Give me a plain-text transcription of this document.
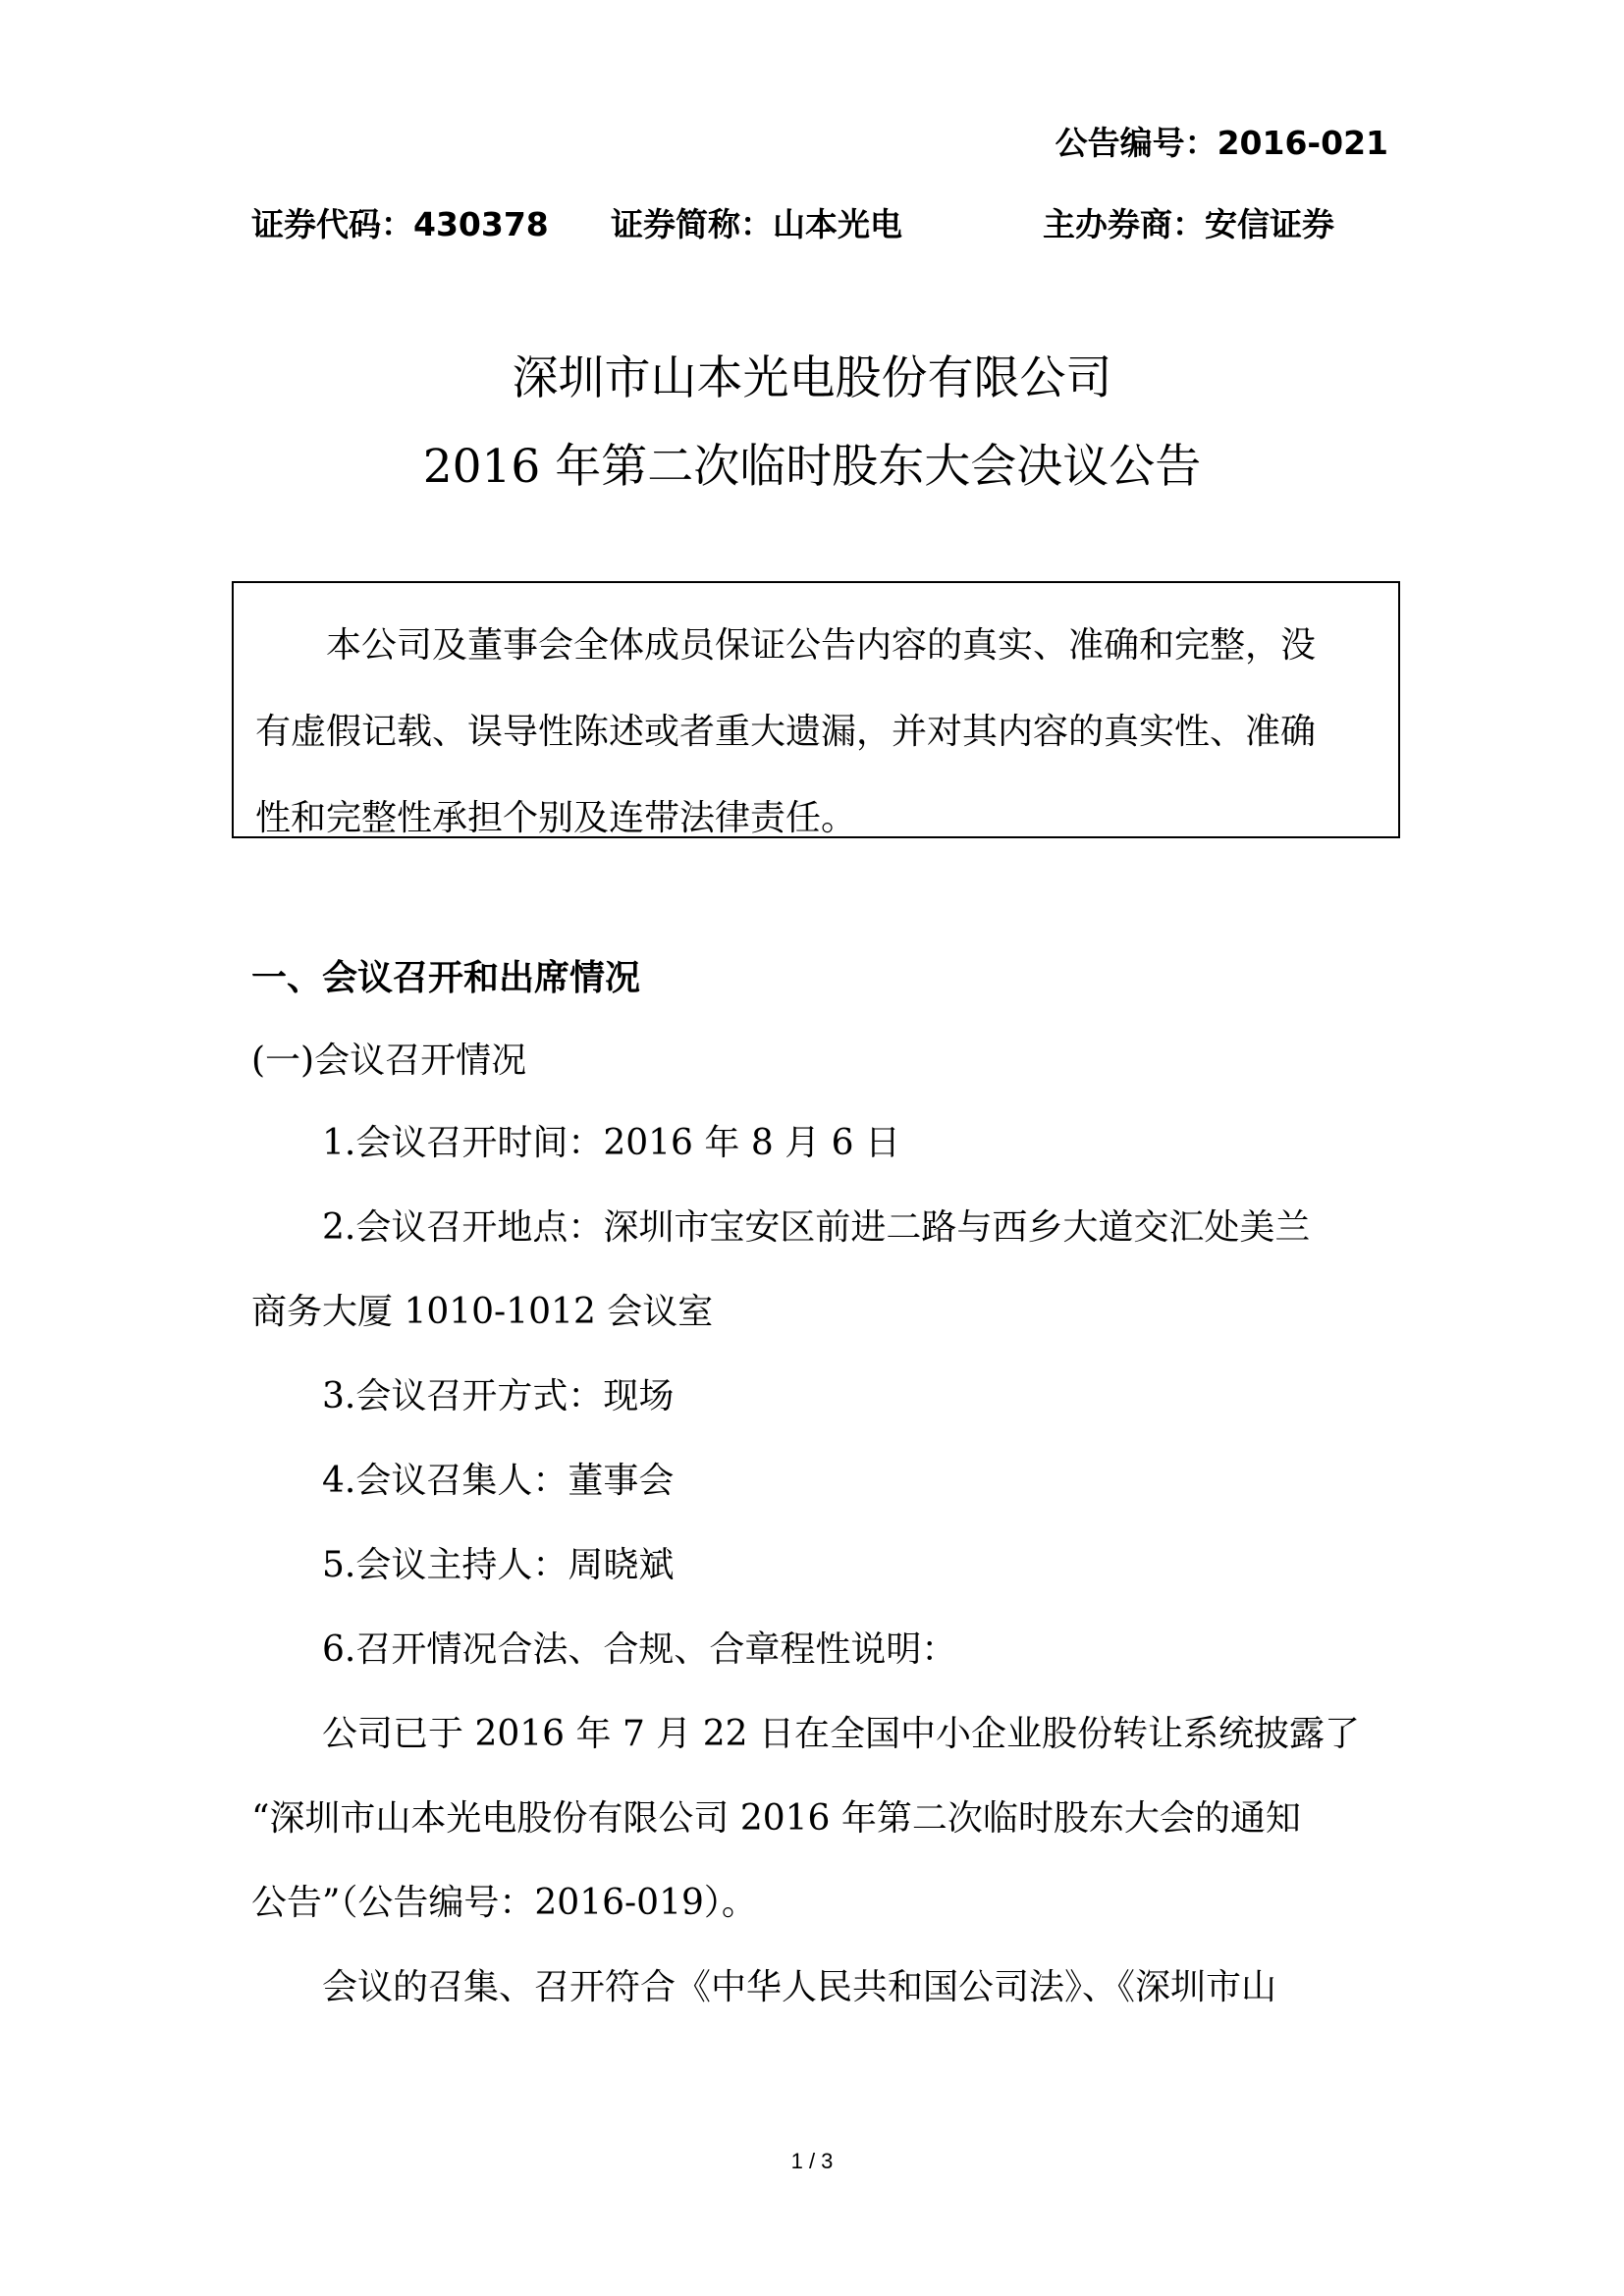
公告编号：2016-021
证券代码：430378 证券简称：山本光电	主办券商：安信证券
深圳市山本光电股份有限公司
2016 年第二次临时股东大会决议公告
本公司及董事会全体成员保证公告内容的真实、准确和完整，没
有虚假记载、误导性陈述或者重大遗漏，并对其内容的真实性、准确
性和完整性承担个别及连带法律责任。
一、会议召开和出席情况
(一)会议召开情况
1.会议召开时间：2016 年 8 月 6 日
2.会议召开地点：深圳市宝安区前进二路与西乡大道交汇处美兰
商务大厦 1010-1012 会议室
3.会议召开方式：现场
4.会议召集人：董事会
5.会议主持人：周晓斌
6.召开情况合法、合规、合章程性说明：
公司已于 2016 年 7 月 22 日在全国中小企业股份转让系统披露了
“深圳市山本光电股份有限公司 2016 年第二次临时股东大会的通知
公告”（公告编号：2016-019）。
会议的召集、召开符合《中华人民共和国公司法》、《深圳市山
1 / 3
